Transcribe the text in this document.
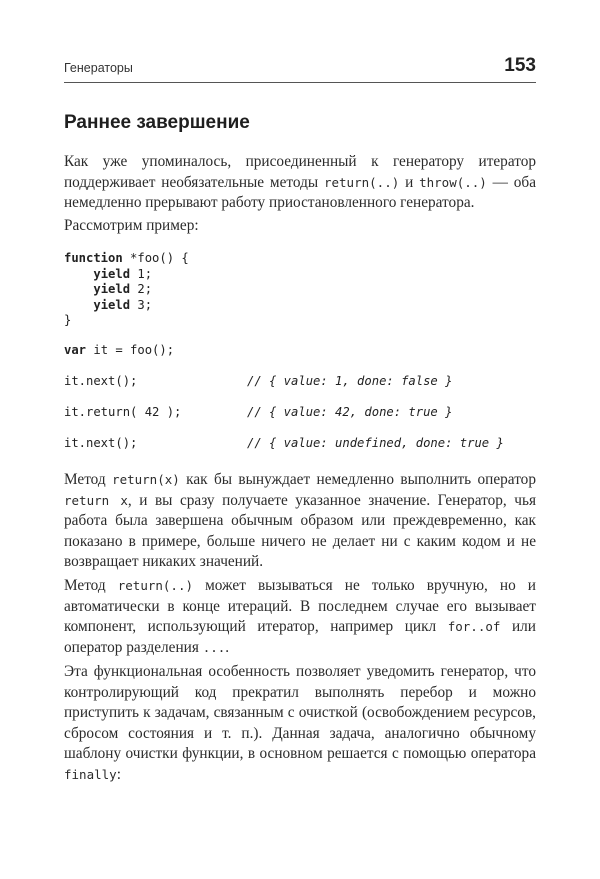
Генераторы	153
Раннее завершение

Как уже упоминалось, присоединенный к генератору итератор поддерживает необязательные методы return(..) и throw(..) — оба немедленно прерывают работу приостановленного генератора.

Рассмотрим пример:

function *foo() {
yield 1;
yield 2;
yield 3;
}
var it = foo();
it.next();	// { value: 1, done: false }
it.return( 42 );	// { value: 42, done: true }
it.next();	// { value: undefined, done: true }

Метод return(x) как бы вынуждает немедленно выполнить оператор return x, и вы сразу получаете указанное значение. Генератор, чья работа была завершена обычным образом или преждевременно, как показано в примере, больше ничего не делает ни с каким кодом и не возвращает никаких значений.

Метод return(..) может вызываться не только вручную, но и автоматически в конце итераций. В последнем случае его вызывает компонент, использующий итератор, например цикл for..of или оператор разделения ....

Эта функциональная особенность позволяет уведомить генератор, что контролирующий код прекратил выполнять перебор и можно приступить к задачам, связанным с очисткой (освобождением ресурсов, сбросом состояния и т. п.). Данная задача, аналогично обычному шаблону очистки функции, в основном решается с помощью оператора finally:
